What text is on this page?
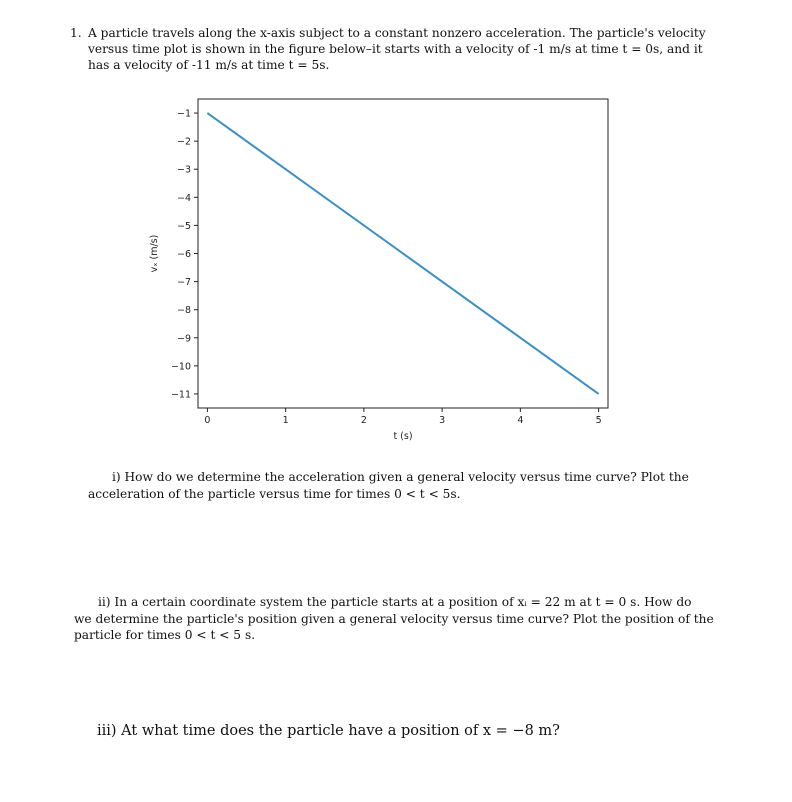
1. A particle travels along the x-axis subject to a constant nonzero acceleration. The particle's velocity
versus time plot is shown in the figure below–it starts with a velocity of -1 m/s at time t = 0s, and it
has a velocity of -11 m/s at time t = 5s.
−1
−2
−3
−4
−5
−6
−7
−8
−9
−10
−11
0	1	2	3	4	5
t (s)
vₓ (m/s)
i) How do we determine the acceleration given a general velocity versus time curve? Plot the
acceleration of the particle versus time for times 0 < t < 5s.
ii) In a certain coordinate system the particle starts at a position of xᵢ = 22 m at t = 0 s. How do
we determine the particle's position given a general velocity versus time curve? Plot the position of the
particle for times 0 < t < 5 s.
iii) At what time does the particle have a position of x = −8 m?
